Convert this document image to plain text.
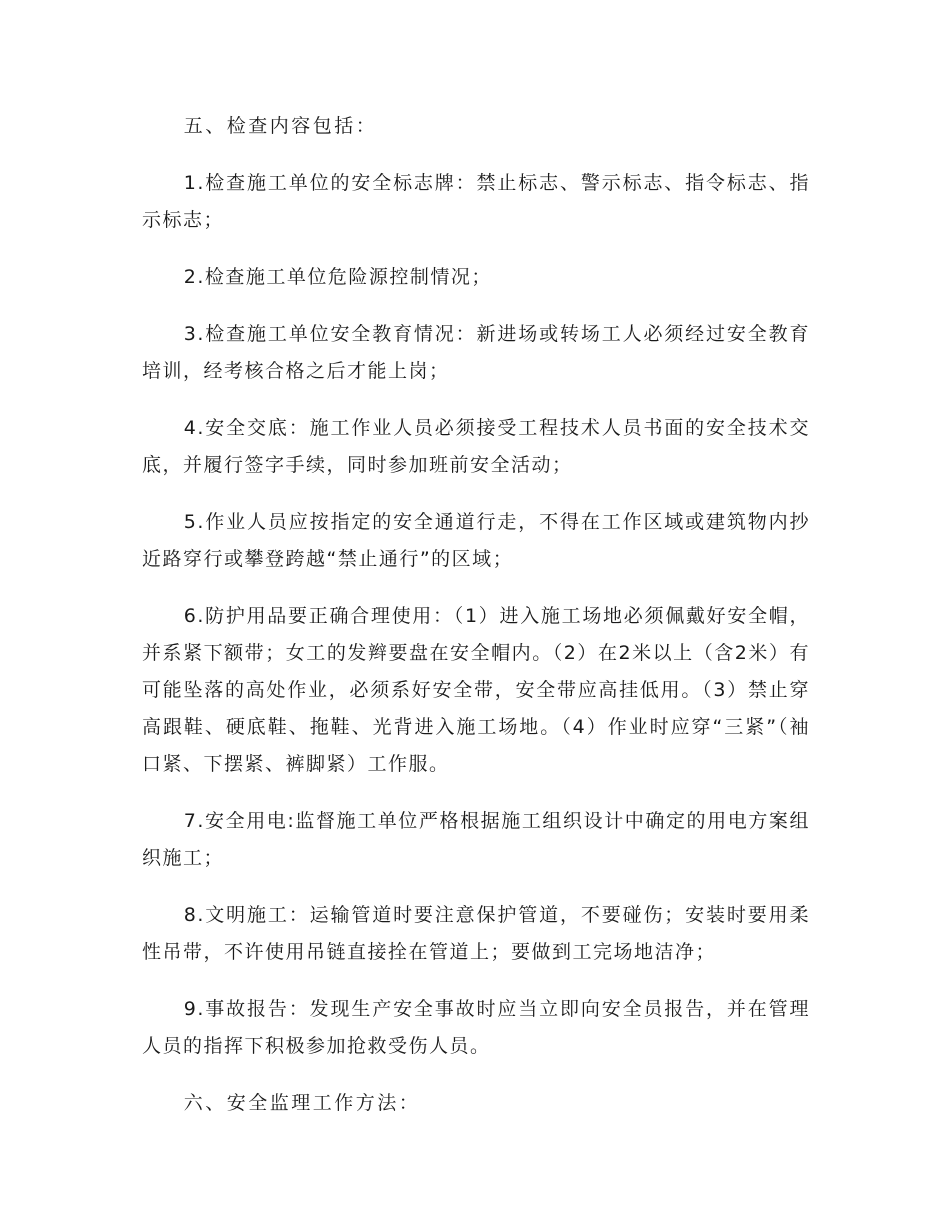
五、检查内容包括：

1.检查施工单位的安全标志牌：禁止标志、警示标志、指令标志、指示标志；

2.检查施工单位危险源控制情况；

3.检查施工单位安全教育情况：新进场或转场工人必须经过安全教育培训，经考核合格之后才能上岗；

4.安全交底：施工作业人员必须接受工程技术人员书面的安全技术交底，并履行签字手续，同时参加班前安全活动；

5.作业人员应按指定的安全通道行走，不得在工作区域或建筑物内抄近路穿行或攀登跨越“禁止通行”的区域；

6.防护用品要正确合理使用：（1）进入施工场地必须佩戴好安全帽，并系紧下额带；女工的发辫要盘在安全帽内。（2）在2米以上（含2米）有可能坠落的高处作业，必须系好安全带，安全带应高挂低用。（3）禁止穿高跟鞋、硬底鞋、拖鞋、光背进入施工场地。（4）作业时应穿“三紧”（袖口紧、下摆紧、裤脚紧）工作服。

7.安全用电:监督施工单位严格根据施工组织设计中确定的用电方案组织施工；

8.文明施工：运输管道时要注意保护管道，不要碰伤；安装时要用柔性吊带，不许使用吊链直接拴在管道上；要做到工完场地洁净；

9.事故报告：发现生产安全事故时应当立即向安全员报告，并在管理人员的指挥下积极参加抢救受伤人员。

六、安全监理工作方法：
